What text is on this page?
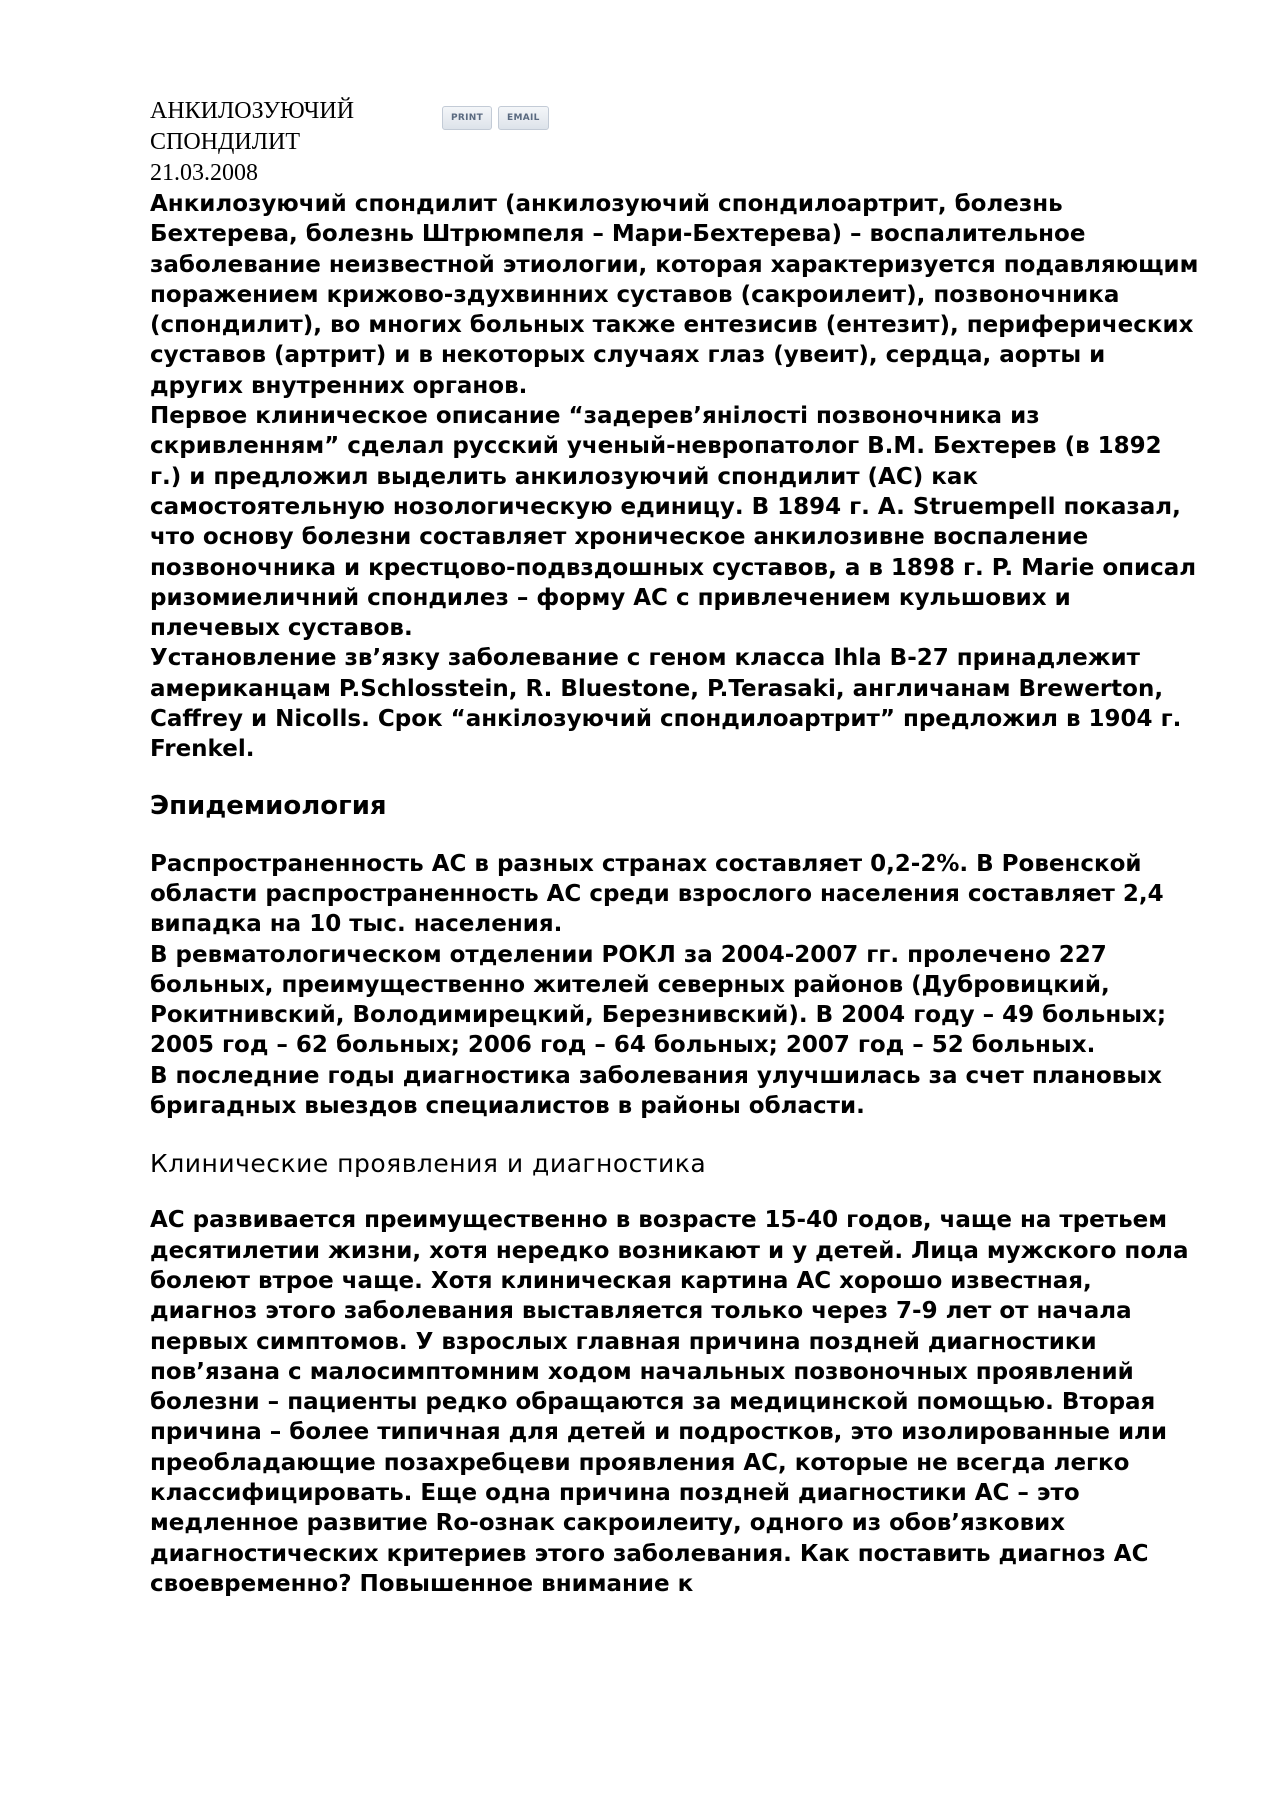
АНКИЛОЗУЮЧИЙ
СПОНДИЛИТ
21.03.2008
PRINT	EMAIL

Анкилозуючий спондилит (анкилозуючий спондилоартрит, болезнь Бехтерева, болезнь Штрюмпеля – Мари-Бехтерева) – воспалительное заболевание неизвестной этиологии, которая характеризуется подавляющим поражением крижово-здухвинних суставов (сакроилеит), позвоночника (спондилит), во многих больных также ентезисив (ентезит), периферических суставов (артрит) и в некоторых случаях глаз (увеит), сердца, аорты и других внутренних органов.

Первое клиническое описание “задерев’янілості позвоночника из скривленням” сделал русский ученый-невропатолог В.М. Бехтерев (в 1892 г.) и предложил выделить анкилозуючий спондилит (АС) как самостоятельную нозологическую единицу. В 1894 г. A. Struempell показал, что основу болезни составляет хроническое анкилозивне воспаление позвоночника и крестцово-подвздошных суставов, а в 1898 г. P. Marie описал ризомиеличний спондилез – форму АС с привлечением кульшових и плечевых суставов.

Установление зв’язку заболевание с геном класса Ihla B-27 принадлежит американцам P.Schlosstein, R. Bluestone, P.Terasaki, англичанам Brewerton, Caffrey и Nicolls. Срок “анкілозуючий спондилоартрит” предложил в 1904 г. Frenkel.

Эпидемиология

Распространенность АС в разных странах составляет 0,2-2%. В Ровенской области распространенность АС среди взрослого населения составляет 2,4 випадка на 10 тыс. населения.

В ревматологическом отделении РОКЛ за 2004-2007 гг. пролечено 227 больных, преимущественно жителей северных районов (Дубровицкий, Рокитнивский, Володимирецкий, Березнивский). В 2004 году – 49 больных; 2005 год – 62 больных; 2006 год – 64 больных; 2007 год – 52 больных.

В последние годы диагностика заболевания улучшилась за счет плановых бригадных выездов специалистов в районы области.

Клинические проявления и диагностика

АС развивается преимущественно в возрасте 15-40 годов, чаще на третьем десятилетии жизни, хотя нередко возникают и у детей. Лица мужского пола болеют втрое чаще. Хотя клиническая картина АС хорошо известная, диагноз этого заболевания выставляется только через 7-9 лет от начала первых симптомов. У взрослых главная причина поздней диагностики пов’язана с малосимптомним ходом начальных позвоночных проявлений болезни – пациенты редко обращаются за медицинской помощью. Вторая причина – более типичная для детей и подростков, это изолированные или преобладающие позахребцеви проявления АС, которые не всегда легко классифицировать. Еще одна причина поздней диагностики АС – это медленное развитие Ro-ознак сакроилеиту, одного из обов’язкових диагностических критериев этого заболевания. Как поставить диагноз АС своевременно? Повышенное внимание к
